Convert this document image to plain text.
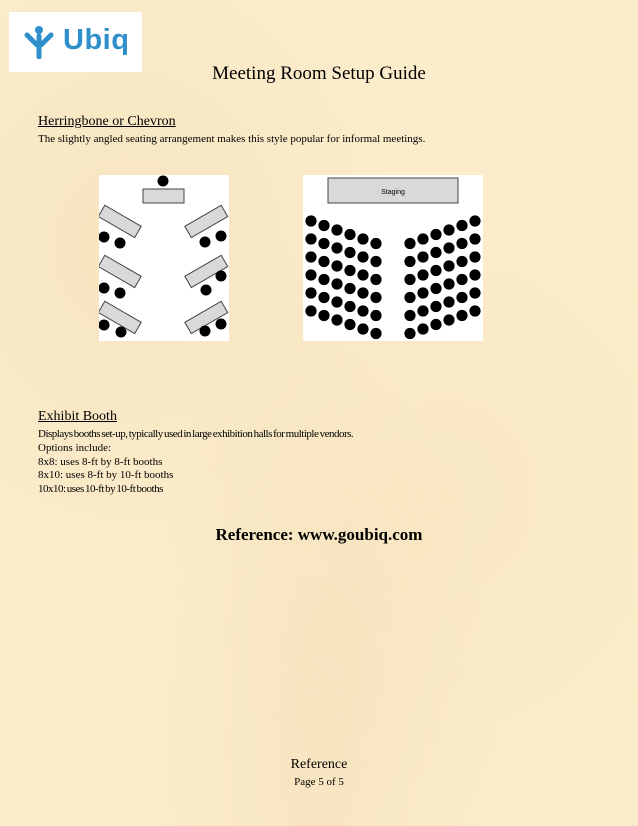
Ubiq
Meeting Room Setup Guide
Herringbone or Chevron
The slightly angled seating arrangement makes this style popular for informal meetings.
Staging
Exhibit Booth
Displays booths set-up, typically used in large exhibition halls for multiple vendors.
Options include:
8x8: uses 8-ft by 8-ft booths
8x10: uses 8-ft by 10-ft booths
10x10: uses 10-ft by 10-ft booths
Reference: www.goubiq.com
Reference
Page 5 of 5
